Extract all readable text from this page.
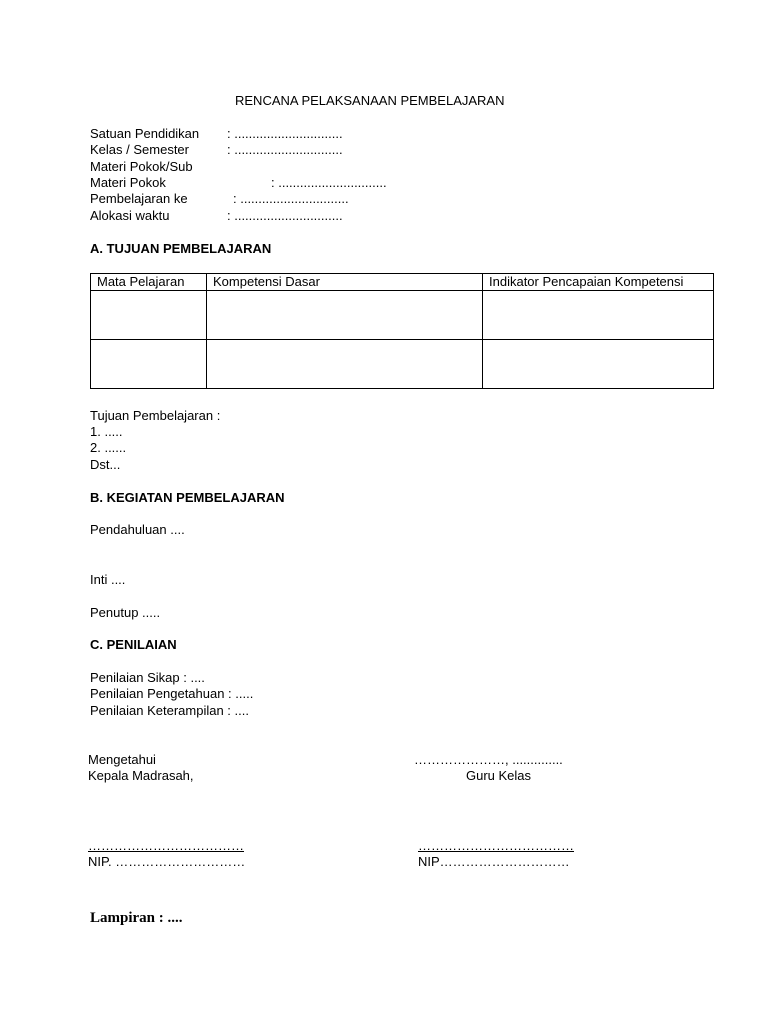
RENCANA PELAKSANAAN PEMBELAJARAN
Satuan Pendidikan : ..............................
Kelas / Semester	: ..............................
Materi Pokok/Sub
Materi Pokok	: ..............................
Pembelajaran ke	: ..............................
Alokasi waktu	: ..............................
A. TUJUAN PEMBELAJARAN
Mata Pelajaran	Kompetensi Dasar	Indikator Pencapaian Kompetensi

Tujuan Pembelajaran :
1. .....
2. ......
Dst...
B. KEGIATAN PEMBELAJARAN
Pendahuluan ....
Inti ....
Penutup .....
C. PENILAIAN
Penilaian Sikap : ....
Penilaian Pengetahuan : .....
Penilaian Keterampilan : ....
Mengetahui
Kepala Madrasah,
…………………, ..............
Guru Kelas
………………………………
NIP. …………………………
………………………………
NIP…………………………
Lampiran : ....
